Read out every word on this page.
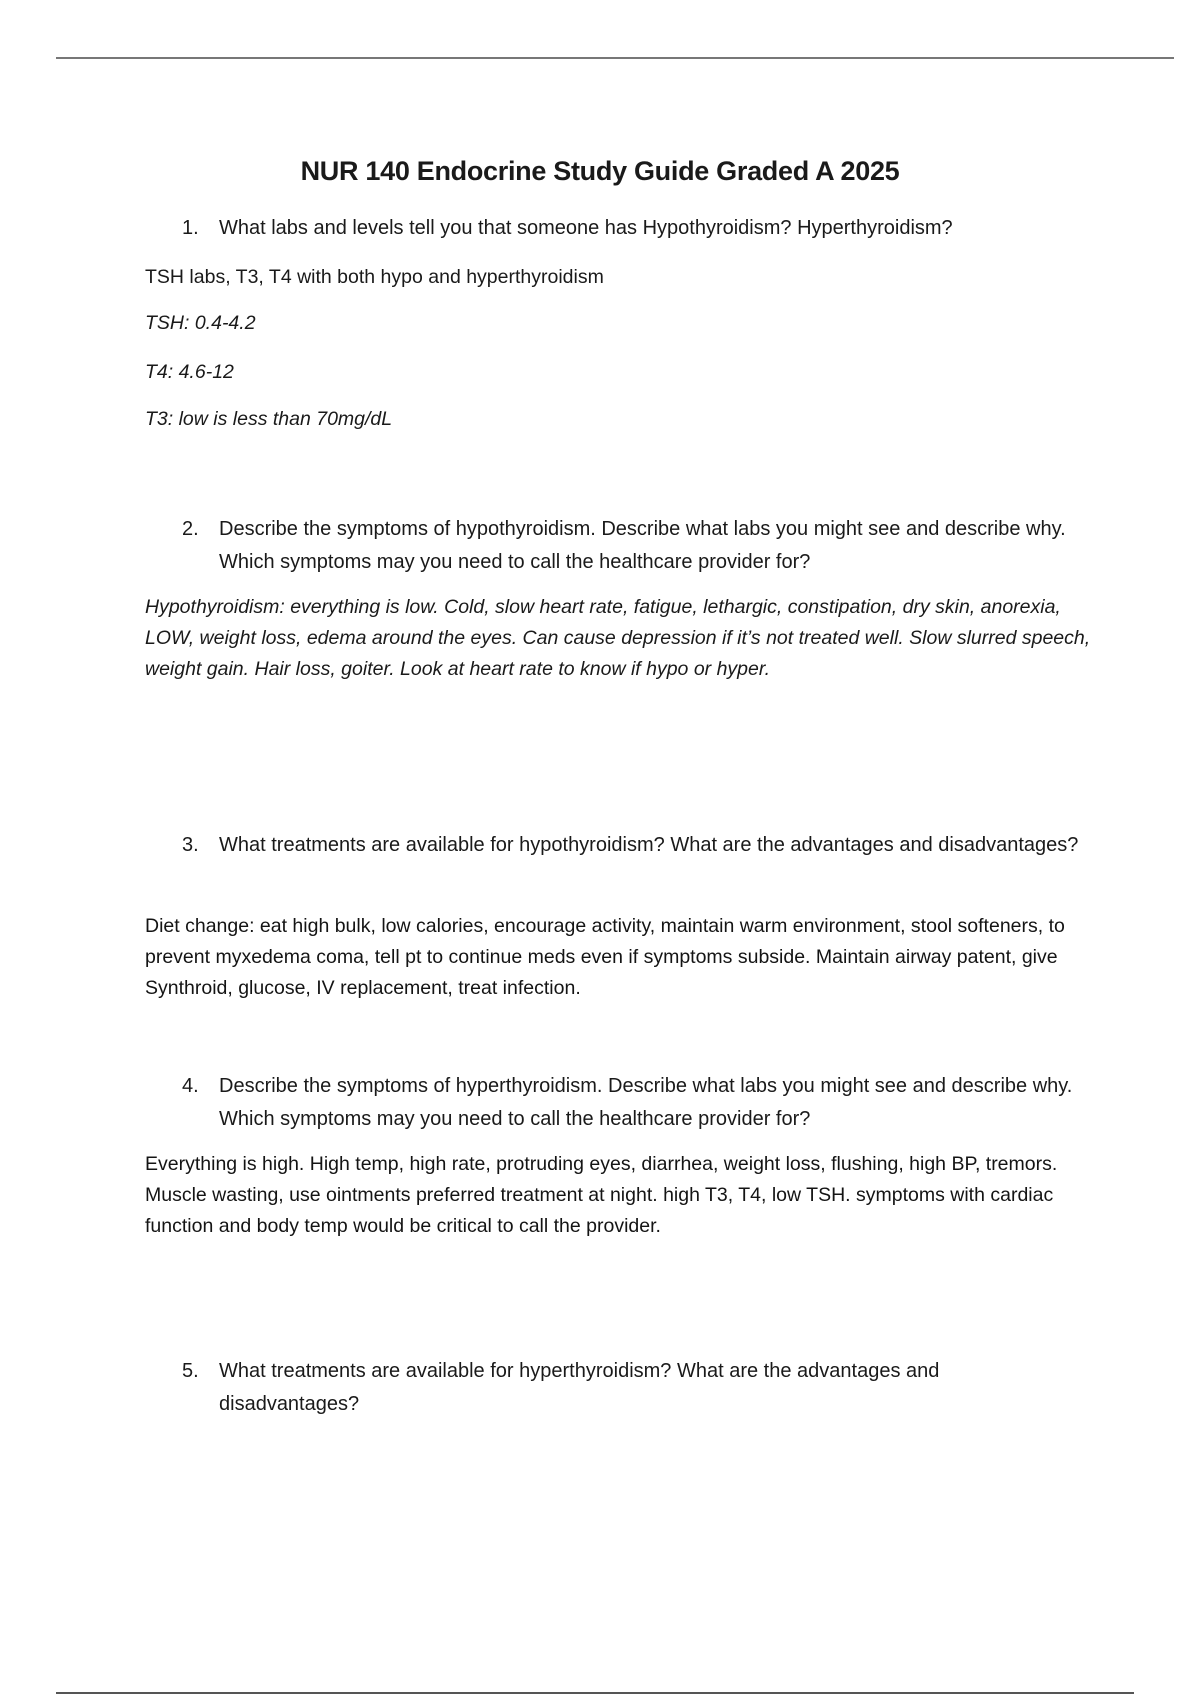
NUR 140 Endocrine Study Guide Graded A 2025
1.	What labs and levels tell you that someone has Hypothyroidism? Hyperthyroidism?

TSH labs, T3, T4 with both hypo and hyperthyroidism

TSH: 0.4-4.2

T4: 4.6-12

T3: low is less than 70mg/dL

2.	Describe the symptoms of hypothyroidism. Describe what labs you might see and describe why. Which symptoms may you need to call the healthcare provider for?

Hypothyroidism: everything is low. Cold, slow heart rate, fatigue, lethargic, constipation, dry skin, anorexia, LOW, weight loss, edema around the eyes. Can cause depression if it’s not treated well. Slow slurred speech, weight gain. Hair loss, goiter. Look at heart rate to know if hypo or hyper.

3.	What treatments are available for hypothyroidism? What are the advantages and disadvantages?

Diet change: eat high bulk, low calories, encourage activity, maintain warm environment, stool softeners, to prevent myxedema coma, tell pt to continue meds even if symptoms subside. Maintain airway patent, give Synthroid, glucose, IV replacement, treat infection.

4.	Describe the symptoms of hyperthyroidism. Describe what labs you might see and describe why. Which symptoms may you need to call the healthcare provider for?

Everything is high. High temp, high rate, protruding eyes, diarrhea, weight loss, flushing, high BP, tremors. Muscle wasting, use ointments preferred treatment at night. high T3, T4, low TSH. symptoms with cardiac function and body temp would be critical to call the provider.

5.	What treatments are available for hyperthyroidism? What are the advantages and disadvantages?
